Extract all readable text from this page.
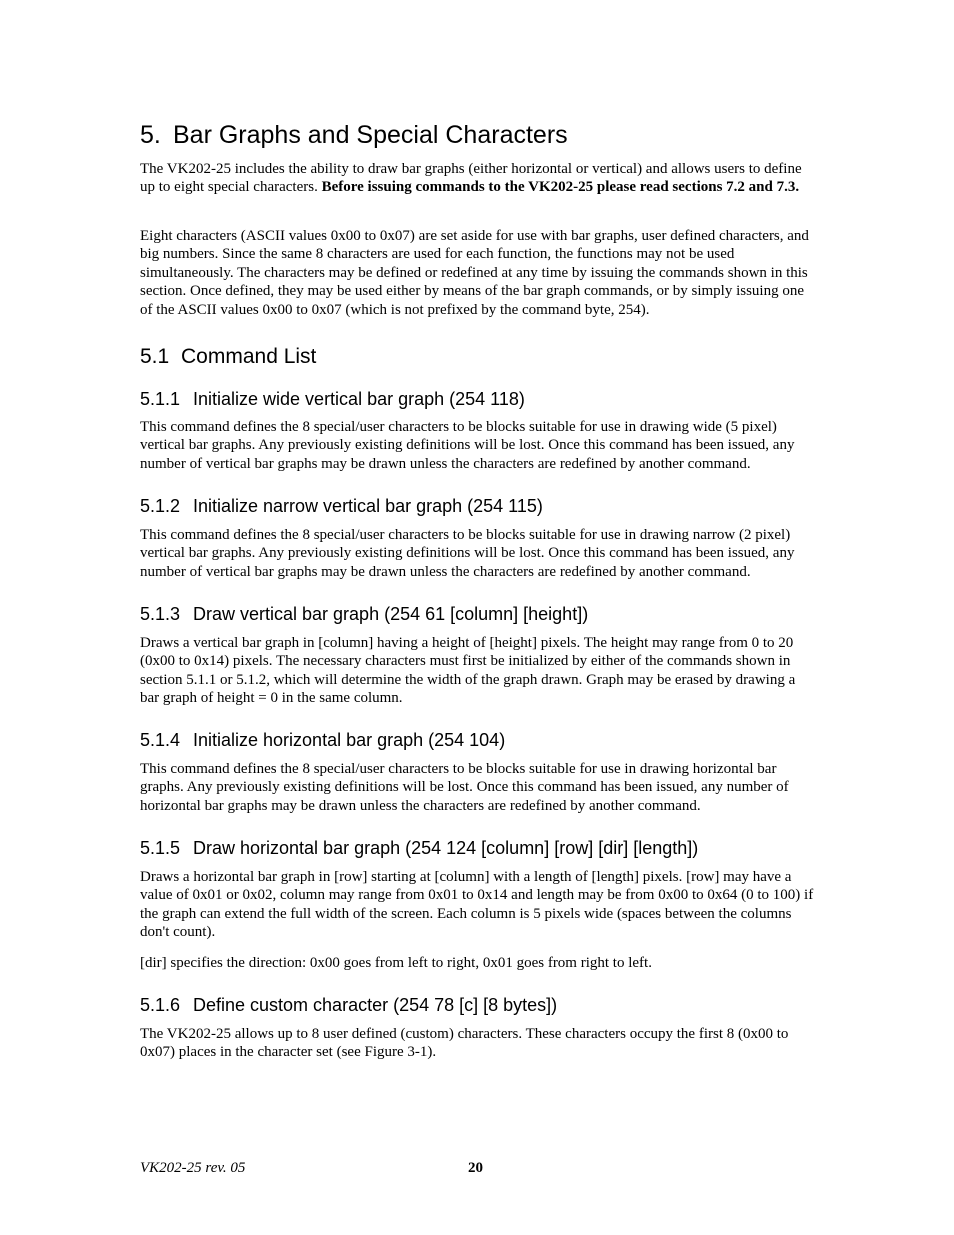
5. Bar Graphs and Special Characters

The VK202-25 includes the ability to draw bar graphs (either horizontal or vertical) and allows users to define up to eight special characters. Before issuing commands to the VK202-25 please read sections 7.2 and 7.3.

Eight characters (ASCII values 0x00 to 0x07) are set aside for use with bar graphs, user defined characters, and big numbers. Since the same 8 characters are used for each function, the functions may not be used simultaneously. The characters may be defined or redefined at any time by issuing the commands shown in this section. Once defined, they may be used either by means of the bar graph commands, or by simply issuing one of the ASCII values 0x00 to 0x07 (which is not prefixed by the command byte, 254).

5.1 Command List
5.1.1 Initialize wide vertical bar graph (254 118)

This command defines the 8 special/user characters to be blocks suitable for use in drawing wide (5 pixel) vertical bar graphs. Any previously existing definitions will be lost. Once this command has been issued, any number of vertical bar graphs may be drawn unless the characters are redefined by another command.

5.1.2 Initialize narrow vertical bar graph (254 115)

This command defines the 8 special/user characters to be blocks suitable for use in drawing narrow (2 pixel) vertical bar graphs. Any previously existing definitions will be lost. Once this command has been issued, any number of vertical bar graphs may be drawn unless the characters are redefined by another command.

5.1.3 Draw vertical bar graph (254 61 [column] [height])

Draws a vertical bar graph in [column] having a height of [height] pixels. The height may range from 0 to 20 (0x00 to 0x14) pixels. The necessary characters must first be initialized by either of the commands shown in section 5.1.1 or 5.1.2, which will determine the width of the graph drawn. Graph may be erased by drawing a bar graph of height = 0 in the same column.

5.1.4 Initialize horizontal bar graph (254 104)

This command defines the 8 special/user characters to be blocks suitable for use in drawing horizontal bar graphs. Any previously existing definitions will be lost. Once this command has been issued, any number of horizontal bar graphs may be drawn unless the characters are redefined by another command.

5.1.5 Draw horizontal bar graph (254 124 [column] [row] [dir] [length])

Draws a horizontal bar graph in [row] starting at [column] with a length of [length] pixels. [row] may have a value of 0x01 or 0x02, column may range from 0x01 to 0x14 and length may be from 0x00 to 0x64 (0 to 100) if the graph can extend the full width of the screen. Each column is 5 pixels wide (spaces between the columns don't count).

[dir] specifies the direction: 0x00 goes from left to right, 0x01 goes from right to left.

5.1.6 Define custom character (254 78 [c] [8 bytes])

The VK202-25 allows up to 8 user defined (custom) characters. These characters occupy the first 8 (0x00 to 0x07) places in the character set (see Figure 3-1).

VK202-25 rev. 05	20
